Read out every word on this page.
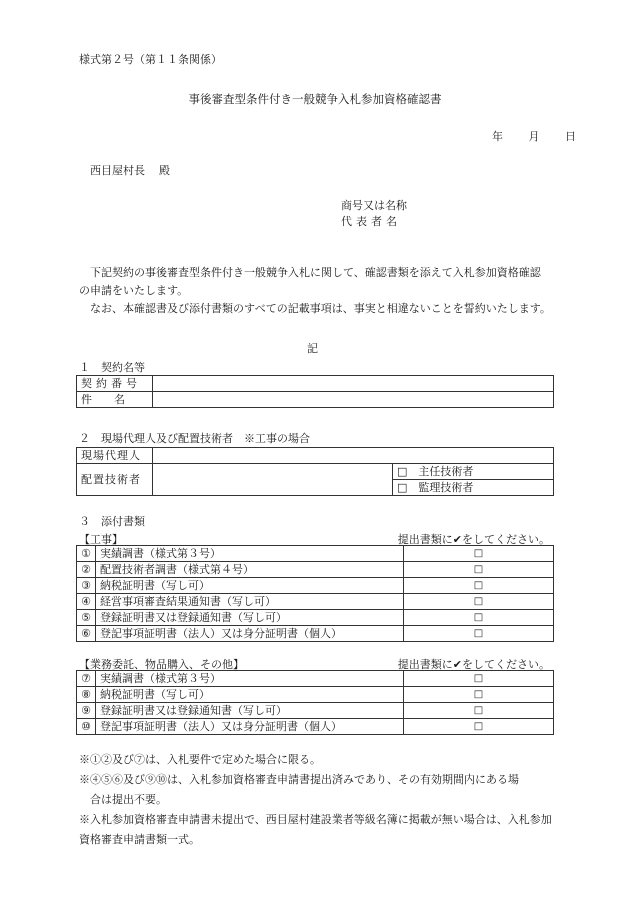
様式第２号（第１１条関係）
事後審査型条件付き一般競争入札参加資格確認書
年 月 日
西目屋村長 殿
商号又は名称
代表者名
下記契約の事後審査型条件付き一般競争入札に関して、確認書類を添えて入札参加資格確認の申請をいたします。
なお、本確認書及び添付書類のすべての記載事項は、事実と相違ないことを誓約いたします。
記
１　契約名等
契約番号	
件　　名	
２　現場代理人及び配置技術者　※工事の場合
現場代理人		
配置技術者		□　主任技術者
		□　監理技術者
３　添付書類
【工事】	提出書類に✔をしてください。
①	実績調書（様式第３号）	□
②	配置技術者調書（様式第４号）	□
③	納税証明書（写し可）	□
④	経営事項審査結果通知書（写し可）	□
⑤	登録証明書又は登録通知書（写し可）	□
⑥	登記事項証明書（法人）又は身分証明書（個人）	□
【業務委託、物品購入、その他】	提出書類に✔をしてください。
⑦	実績調書（様式第３号）	□
⑧	納税証明書（写し可）	□
⑨	登録証明書又は登録通知書（写し可）	□
⑩	登記事項証明書（法人）又は身分証明書（個人）	□
※①②及び⑦は、入札要件で定めた場合に限る。
※④⑤⑥及び⑨⑩は、入札参加資格審査申請書提出済みであり、その有効期間内にある場
合は提出不要。
※入札参加資格審査申請書未提出で、西目屋村建設業者等級名簿に掲載が無い場合は、入札参加資格審査申請書類一式。
